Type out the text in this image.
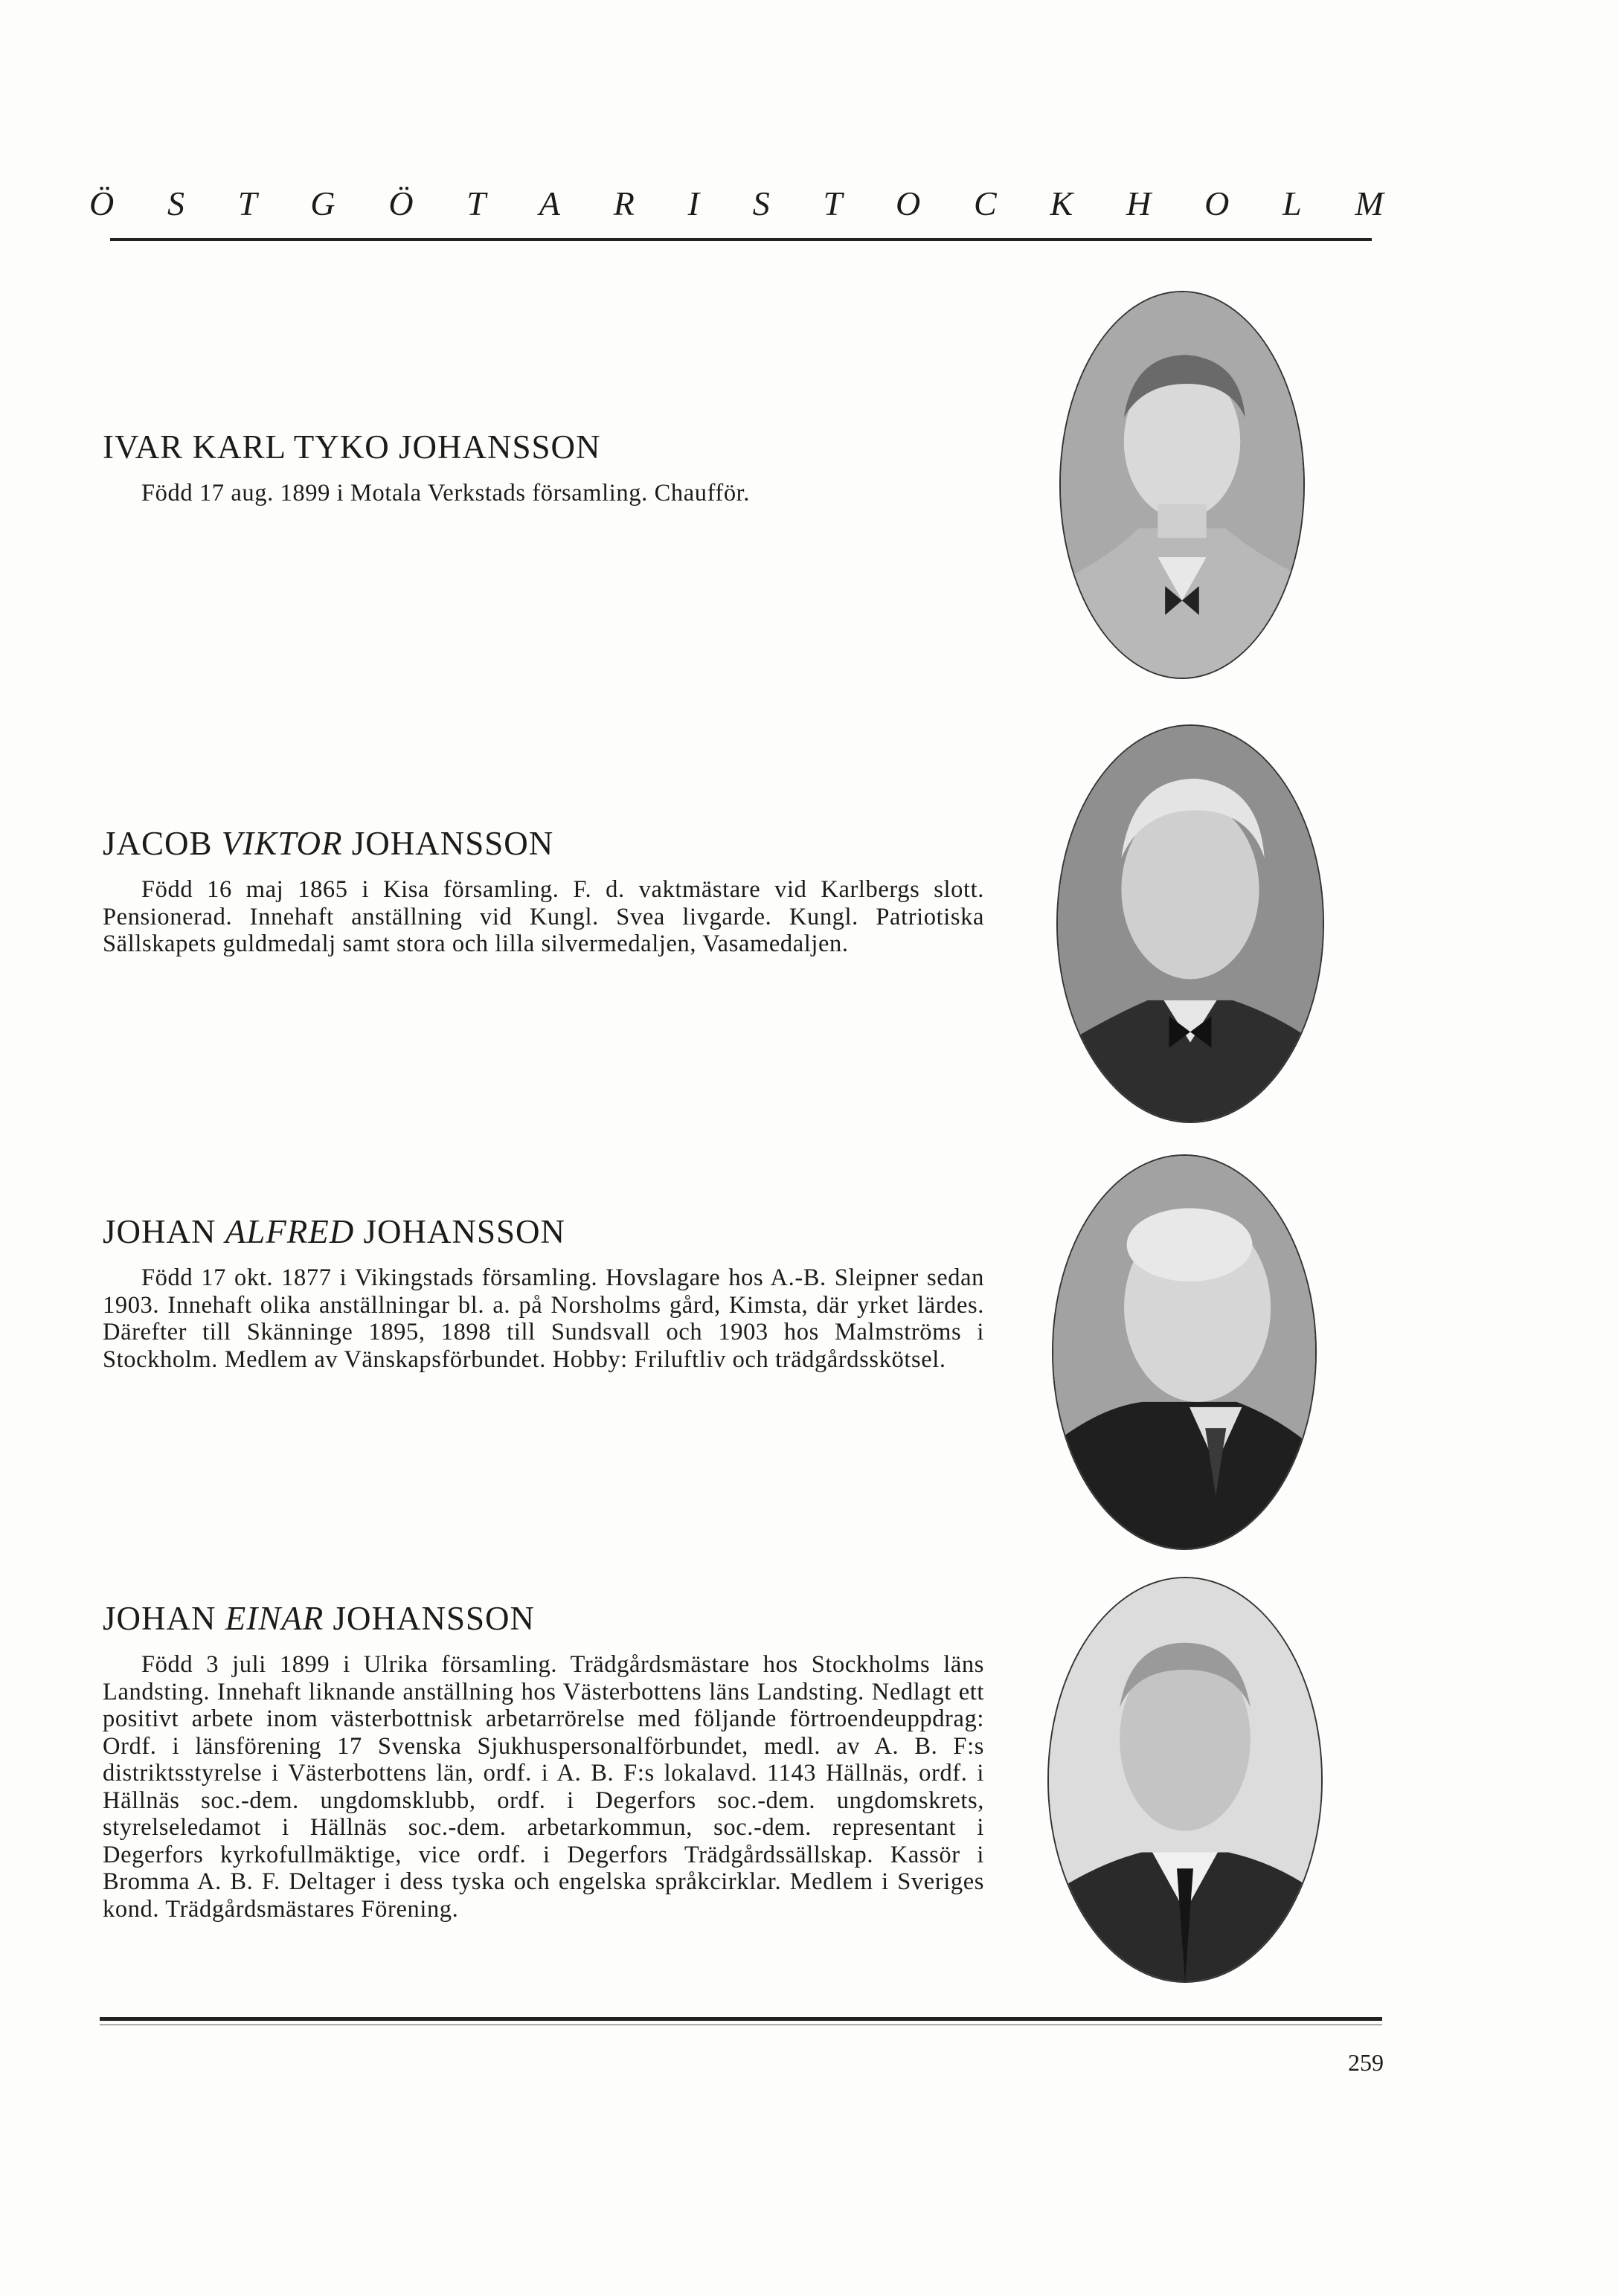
Ö S T G Ö T A R I S T O C K H O L M
IVAR KARL TYKO JOHANSSON

Född 17 aug. 1899 i Motala Verkstads församling. Chaufför.

JACOB VIKTOR JOHANSSON

Född 16 maj 1865 i Kisa församling. F. d. vaktmästare vid Karlbergs slott. Pensionerad. Innehaft anställning vid Kungl. Svea livgarde. Kungl. Patriotiska Sällskapets guldmedalj samt stora och lilla silvermedaljen, Vasamedaljen.

JOHAN ALFRED JOHANSSON

Född 17 okt. 1877 i Vikingstads församling. Hovslagare hos A.-B. Sleipner sedan 1903. Innehaft olika anställningar bl. a. på Norsholms gård, Kimsta, där yrket lärdes. Därefter till Skänninge 1895, 1898 till Sundsvall och 1903 hos Malmströms i Stockholm. Medlem av Vänskapsförbundet. Hobby: Friluftliv och trädgårdsskötsel.

JOHAN EINAR JOHANSSON

Född 3 juli 1899 i Ulrika församling. Trädgårdsmästare hos Stockholms läns Landsting. Innehaft liknande anställning hos Västerbottens läns Landsting. Nedlagt ett positivt arbete inom västerbottnisk arbetarrörelse med följande förtroendeuppdrag: Ordf. i länsförening 17 Svenska Sjukhuspersonalförbundet, medl. av A. B. F:s distriktsstyrelse i Västerbottens län, ordf. i A. B. F:s lokalavd. 1143 Hällnäs, ordf. i Hällnäs soc.-dem. ungdomsklubb, ordf. i Degerfors soc.-dem. ungdomskrets, styrelseledamot i Hällnäs soc.-dem. arbetarkommun, soc.-dem. representant i Degerfors kyrkofullmäktige, vice ordf. i Degerfors Trädgårdssällskap. Kassör i Bromma A. B. F. Deltager i dess tyska och engelska språkcirklar. Medlem i Sveriges kond. Trädgårdsmästares Förening.

259
